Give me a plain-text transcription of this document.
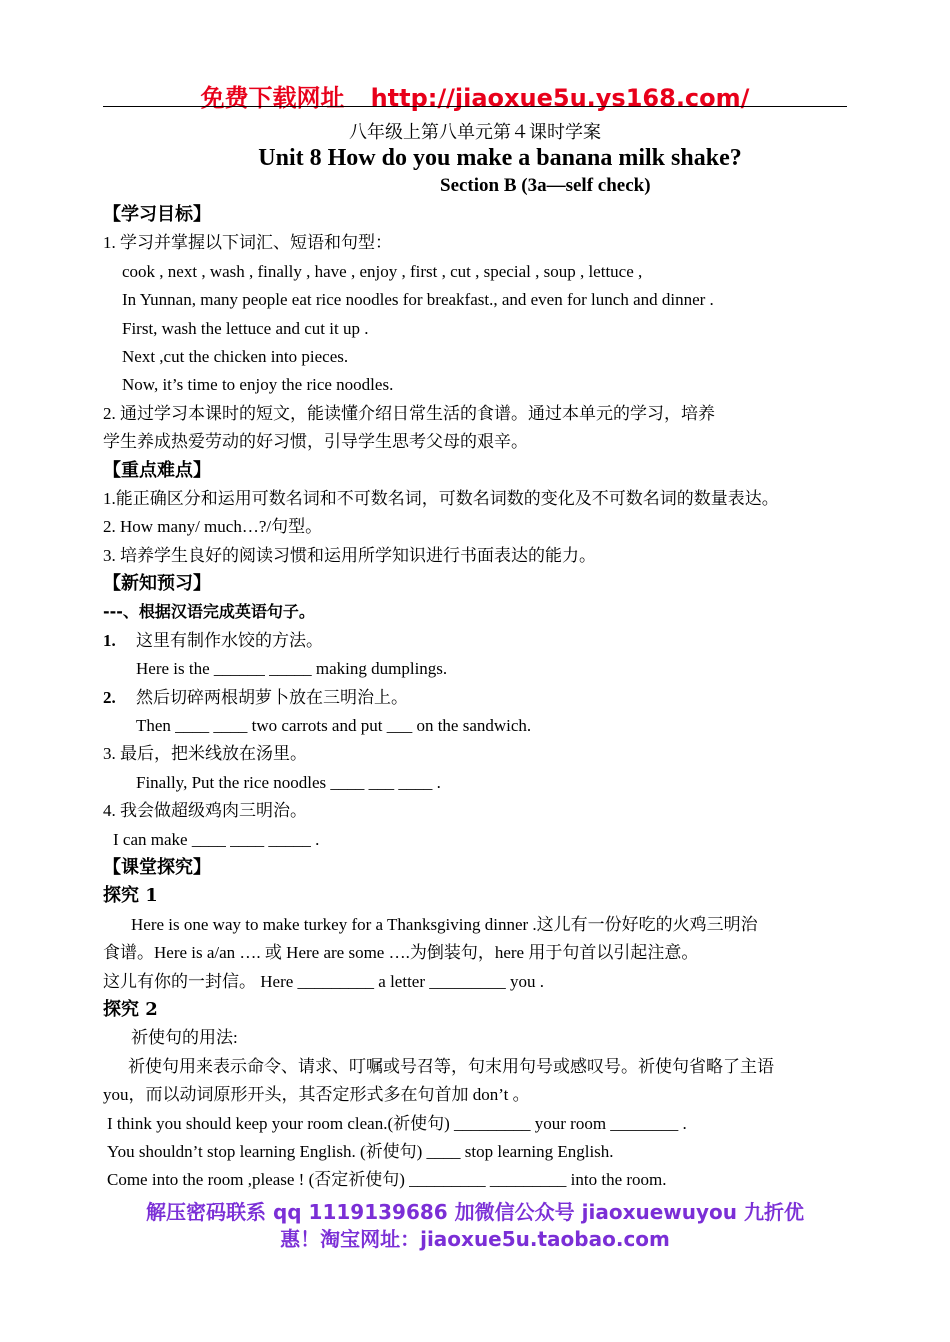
免费下载网址 http://jiaoxue5u.ys168.com/
八年级上第八单元第４课时学案
Unit 8 How do you make a banana milk shake?
Section B (3a—self check)
【学习目标】
1. 学习并掌握以下词汇、短语和句型：
cook , next , wash , finally , have , enjoy , first , cut , special , soup , lettuce ,
In Yunnan, many people eat rice noodles for breakfast., and even for lunch and dinner .
First, wash the lettuce and cut it up .
Next ,cut the chicken into pieces.
Now, it’s time to enjoy the rice noodles.
2. 通过学习本课时的短文，能读懂介绍日常生活的食谱。通过本单元的学习，培养
学生养成热爱劳动的好习惯，引导学生思考父母的艰辛。
【重点难点】
1.能正确区分和运用可数名词和不可数名词，可数名词数的变化及不可数名词的数量表达。
2. How many/ much…?/句型。
3. 培养学生良好的阅读习惯和运用所学知识进行书面表达的能力。
【新知预习】
---、根据汉语完成英语句子。
1. 这里有制作水饺的方法。
Here is the ______ _____ making dumplings.
2. 然后切碎两根胡萝卜放在三明治上。
Then ____ ____ two carrots and put ___ on the sandwich.
3. 最后，把米线放在汤里。
Finally, Put the rice noodles ____ ___ ____ .
4. 我会做超级鸡肉三明治。
I can make ____ ____ _____ .
【课堂探究】
探究 1
Here is one way to make turkey for a Thanksgiving dinner .这儿有一份好吃的火鸡三明治
食谱。Here is a/an …. 或 Here are some ….为倒装句，here 用于句首以引起注意。
这儿有你的一封信。 Here _________ a letter _________ you .
探究 2
祈使句的用法:
祈使句用来表示命令、请求、叮嘱或号召等，句末用句号或感叹号。祈使句省略了主语
you，而以动词原形开头，其否定形式多在句首加 don’t 。
I think you should keep your room clean.(祈使句) _________ your room ________ .
You shouldn’t stop learning English. (祈使句) ____ stop learning English.
Come into the room ,please ! (否定祈使句) _________ _________ into the room.
解压密码联系 qq 1119139686 加微信公众号 jiaoxuewuyou 九折优
惠！淘宝网址：jiaoxue5u.taobao.com
